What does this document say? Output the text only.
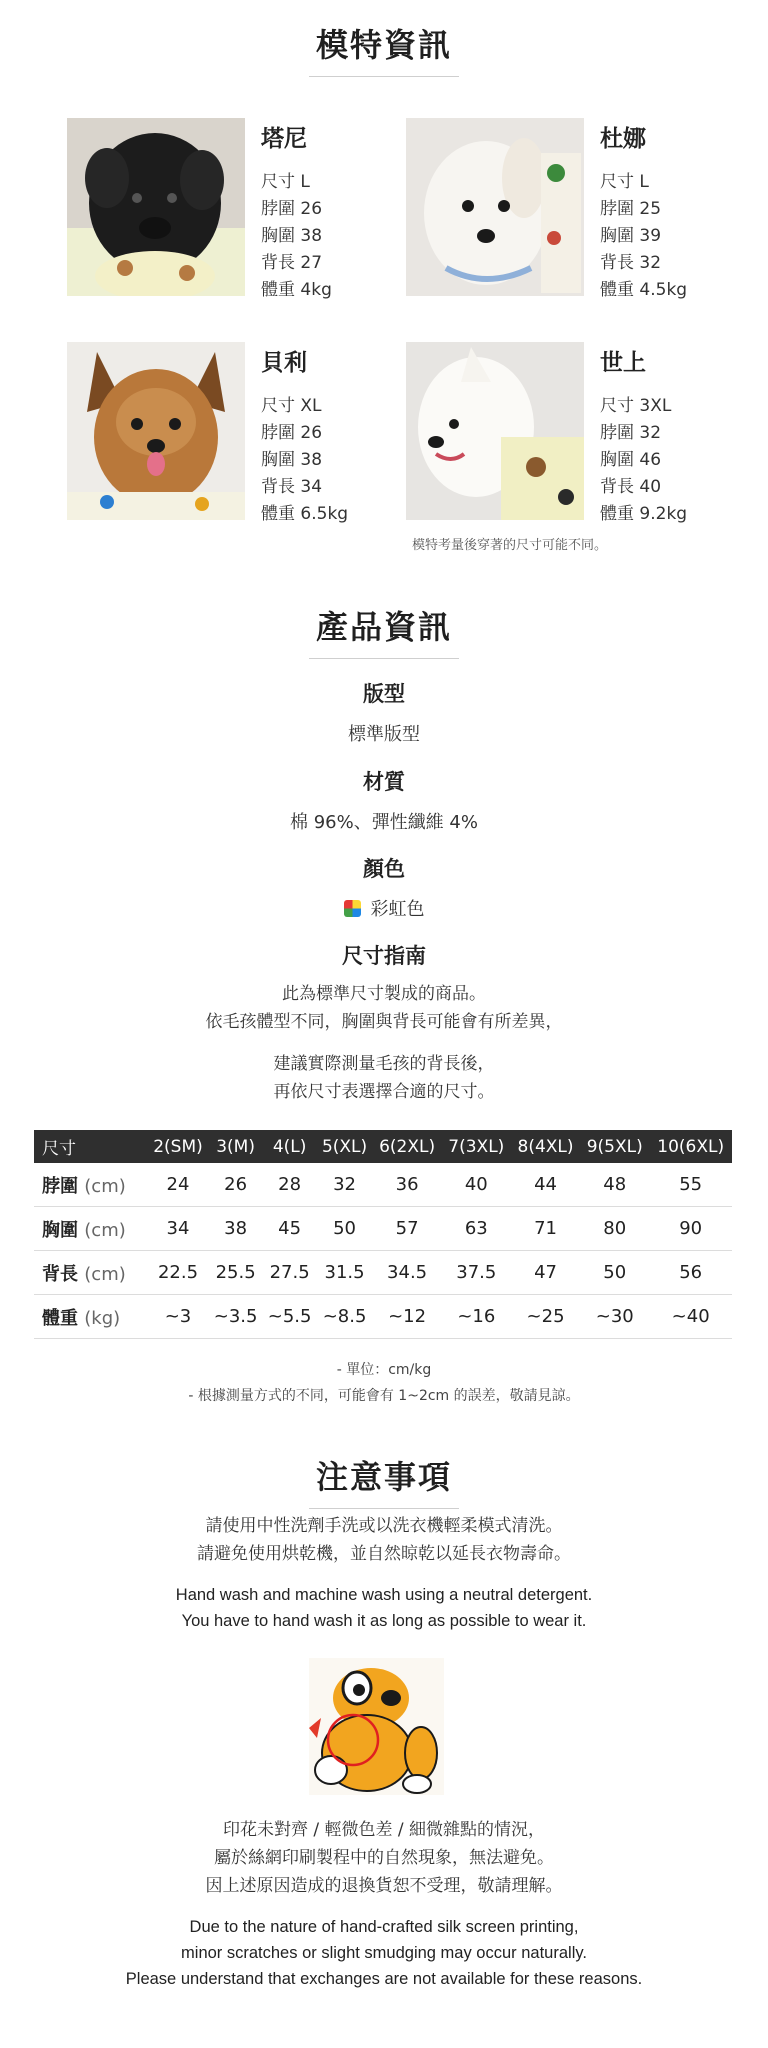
模特資訊
塔尼
尺寸 L
脖圍 26
胸圍 38
背長 27
體重 4kg
杜娜
尺寸 L
脖圍 25
胸圍 39
背長 32
體重 4.5kg
貝利
尺寸 XL
脖圍 26
胸圍 38
背長 34
體重 6.5kg
世上
尺寸 3XL
脖圍 32
胸圍 46
背長 40
體重 9.2kg
模特考量後穿著的尺寸可能不同。
產品資訊
版型
標準版型
材質
棉 96%、彈性纖維 4%
顏色
彩虹色
尺寸指南
此為標準尺寸製成的商品。
依毛孩體型不同，胸圍與背長可能會有所差異，
建議實際測量毛孩的背長後，
再依尺寸表選擇合適的尺寸。
尺寸	2(SM)	3(M)	4(L)	5(XL)	6(2XL)	7(3XL)	8(4XL)	9(5XL)	10(6XL)
脖圍 (cm)	24	26	28	32	36	40	44	48	55
胸圍 (cm)	34	38	45	50	57	63	71	80	90
背長 (cm)	22.5	25.5	27.5	31.5	34.5	37.5	47	50	56
體重 (kg)	~3	~3.5	~5.5	~8.5	~12	~16	~25	~30	~40
- 單位：cm/kg
- 根據測量方式的不同，可能會有 1~2cm 的誤差，敬請見諒。
注意事項
請使用中性洗劑手洗或以洗衣機輕柔模式清洗。
請避免使用烘乾機，並自然晾乾以延長衣物壽命。
Hand wash and machine wash using a neutral detergent.
You have to hand wash it as long as possible to wear it.
印花未對齊 / 輕微色差 / 細微雜點的情況，
屬於絲網印刷製程中的自然現象，無法避免。
因上述原因造成的退換貨恕不受理，敬請理解。
Due to the nature of hand-crafted silk screen printing,
minor scratches or slight smudging may occur naturally.
Please understand that exchanges are not available for these reasons.
